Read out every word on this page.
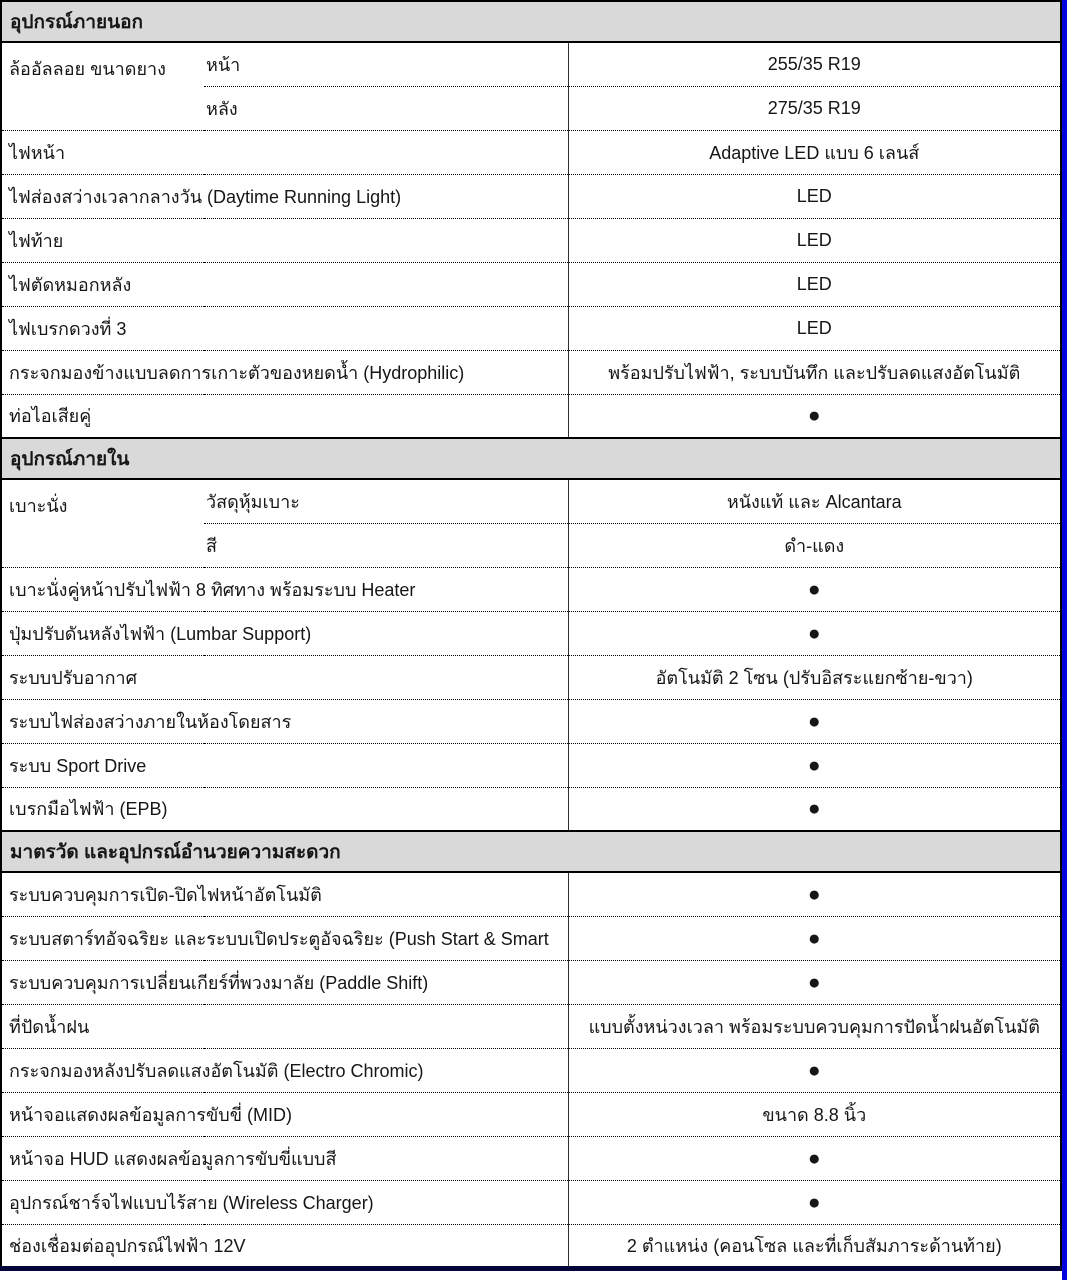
อุปกรณ์ภายนอก		
ล้ออัลลอย ขนาดยาง	หน้า	255/35 R19
	หลัง	275/35 R19
ไฟหน้า		Adaptive LED แบบ 6 เลนส์
ไฟส่องสว่างเวลากลางวัน (Daytime Running Light)		LED
ไฟท้าย		LED
ไฟตัดหมอกหลัง		LED
ไฟเบรกดวงที่ 3		LED
กระจกมองข้างแบบลดการเกาะตัวของหยดน้ำ (Hydrophilic)		พร้อมปรับไฟฟ้า, ระบบบันทึก และปรับลดแสงอัตโนมัติ
ท่อไอเสียคู่		●
อุปกรณ์ภายใน		
เบาะนั่ง	วัสดุหุ้มเบาะ	หนังแท้ และ Alcantara
	สี	ดำ-แดง
เบาะนั่งคู่หน้าปรับไฟฟ้า 8 ทิศทาง พร้อมระบบ Heater		●
ปุ่มปรับดันหลังไฟฟ้า (Lumbar Support)		●
ระบบปรับอากาศ		อัตโนมัติ 2 โซน (ปรับอิสระแยกซ้าย-ขวา)
ระบบไฟส่องสว่างภายในห้องโดยสาร		●
ระบบ Sport Drive		●
เบรกมือไฟฟ้า (EPB)		●
มาตรวัด และอุปกรณ์อำนวยความสะดวก		
ระบบควบคุมการเปิด-ปิดไฟหน้าอัตโนมัติ		●
ระบบสตาร์ทอัจฉริยะ และระบบเปิดประตูอัจฉริยะ (Push Start & Smart		●
ระบบควบคุมการเปลี่ยนเกียร์ที่พวงมาลัย (Paddle Shift)		●
ที่ปัดน้ำฝน		แบบตั้งหน่วงเวลา พร้อมระบบควบคุมการปัดน้ำฝนอัตโนมัติ
กระจกมองหลังปรับลดแสงอัตโนมัติ (Electro Chromic)		●
หน้าจอแสดงผลข้อมูลการขับขี่ (MID)		ขนาด 8.8 นิ้ว
หน้าจอ HUD แสดงผลข้อมูลการขับขี่แบบสี		●
อุปกรณ์ชาร์จไฟแบบไร้สาย (Wireless Charger)		●
ช่องเชื่อมต่ออุปกรณ์ไฟฟ้า 12V		2 ตำแหน่ง (คอนโซล และที่เก็บสัมภาระด้านท้าย)
